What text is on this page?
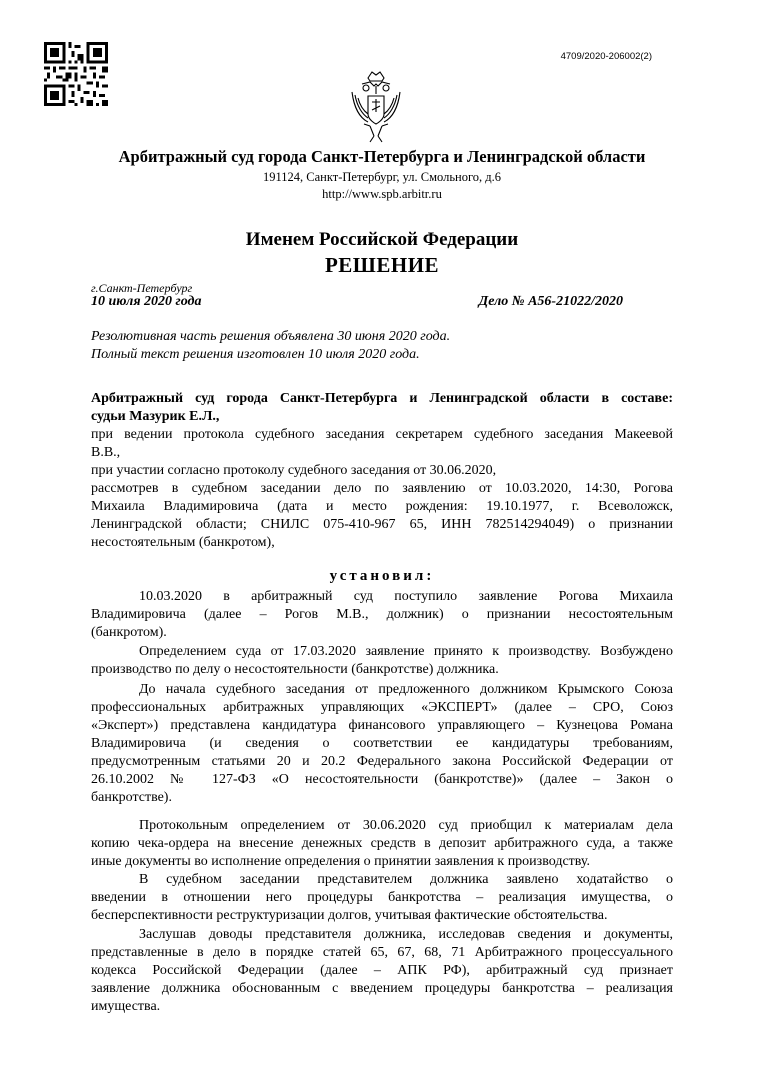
4709/2020-206002(2)
Арбитражный суд города Санкт-Петербурга и Ленинградской области
191124, Санкт-Петербург, ул. Смольного, д.6
http://www.spb.arbitr.ru
Именем Российской Федерации
РЕШЕНИЕ
г.Санкт-Петербург
10 июля 2020 года	Дело № А56-21022/2020
Резолютивная часть решения объявлена 30 июня 2020 года.
Полный текст решения изготовлен 10 июля 2020 года.
Арбитражный суд города Санкт-Петербурга и Ленинградской области в составе:
судьи Мазурик Е.Л.,
при ведении протокола судебного заседания секретарем судебного заседания Макеевой
В.В.,
при участии согласно протоколу судебного заседания от 30.06.2020,
рассмотрев в судебном заседании дело по заявлению от 10.03.2020, 14:30, Рогова
Михаила Владимировича (дата и место рождения: 19.10.1977, г. Всеволожск,
Ленинградской области; СНИЛС 075-410-967 65, ИНН 782514294049) о признании
несостоятельным (банкротом),
установил:
10.03.2020 в арбитражный суд поступило заявление Рогова Михаила
Владимировича (далее – Рогов М.В., должник) о признании несостоятельным
(банкротом).
Определением суда от 17.03.2020 заявление принято к производству. Возбуждено
производство по делу о несостоятельности (банкротстве) должника.
До начала судебного заседания от предложенного должником Крымского Союза
профессиональных арбитражных управляющих «ЭКСПЕРТ» (далее – СРО, Союз
«Эксперт») представлена кандидатура финансового управляющего – Кузнецова Романа
Владимировича (и сведения о соответствии ее кандидатуры требованиям,
предусмотренным статьями 20 и 20.2 Федерального закона Российской Федерации от
26.10.2002 № 127-ФЗ «О несостоятельности (банкротстве)» (далее – Закон о
банкротстве).
Протокольным определением от 30.06.2020 суд приобщил к материалам дела
копию чека-ордера на внесение денежных средств в депозит арбитражного суда, а также
иные документы во исполнение определения о принятии заявления к производству.
В судебном заседании представителем должника заявлено ходатайство о
введении в отношении него процедуры банкротства – реализация имущества, о
бесперспективности реструктуризации долгов, учитывая фактические обстоятельства.
Заслушав доводы представителя должника, исследовав сведения и документы,
представленные в дело в порядке статей 65, 67, 68, 71 Арбитражного процессуального
кодекса Российской Федерации (далее – АПК РФ), арбитражный суд признает
заявление должника обоснованным с введением процедуры банкротства – реализация
имущества.
